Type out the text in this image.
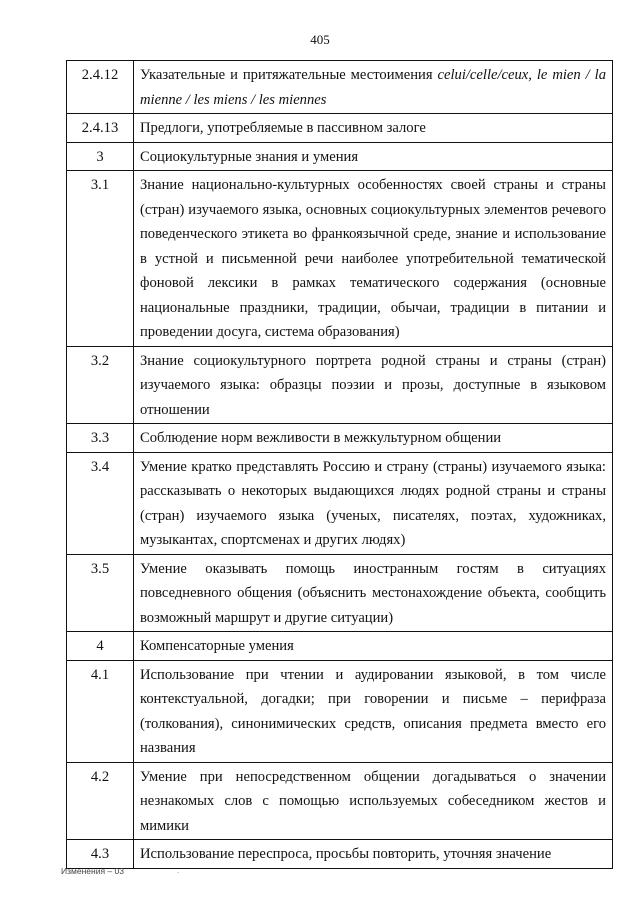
405
2.4.12	Указательные и притяжательные местоимения celui/celle/ceux, le mien / la mienne / les miens / les miennes
2.4.13	Предлоги, употребляемые в пассивном залоге
3	Социокультурные знания и умения
3.1	Знание национально-культурных особенностях своей страны и страны (стран) изучаемого языка, основных социокультурных элементов речевого поведенческого этикета во франкоязычной среде, знание и использование в устной и письменной речи наиболее употребительной тематической фоновой лексики в рамках тематического содержания (основные национальные праздники, традиции, обычаи, традиции в питании и проведении досуга, система образования)
3.2	Знание социокультурного портрета родной страны и страны (стран) изучаемого языка: образцы поэзии и прозы, доступные в языковом отношении
3.3	Соблюдение норм вежливости в межкультурном общении
3.4	Умение кратко представлять Россию и страну (страны) изучаемого языка: рассказывать о некоторых выдающихся людях родной страны и страны (стран) изучаемого языка (ученых, писателях, поэтах, художниках, музыкантах, спортсменах и других людях)
3.5	Умение оказывать помощь иностранным гостям в ситуациях повседневного общения (объяснить местонахождение объекта, сообщить возможный маршрут и другие ситуации)
4	Компенсаторные умения
4.1	Использование при чтении и аудировании языковой, в том числе контекстуальной, догадки; при говорении и письме – перифраза (толкования), синонимических средств, описания предмета вместо его названия
4.2	Умение при непосредственном общении догадываться о значении незнакомых слов с помощью используемых собеседником жестов и мимики
4.3	Использование переспроса, просьбы повторить, уточняя значение
Изменения – 03	.
